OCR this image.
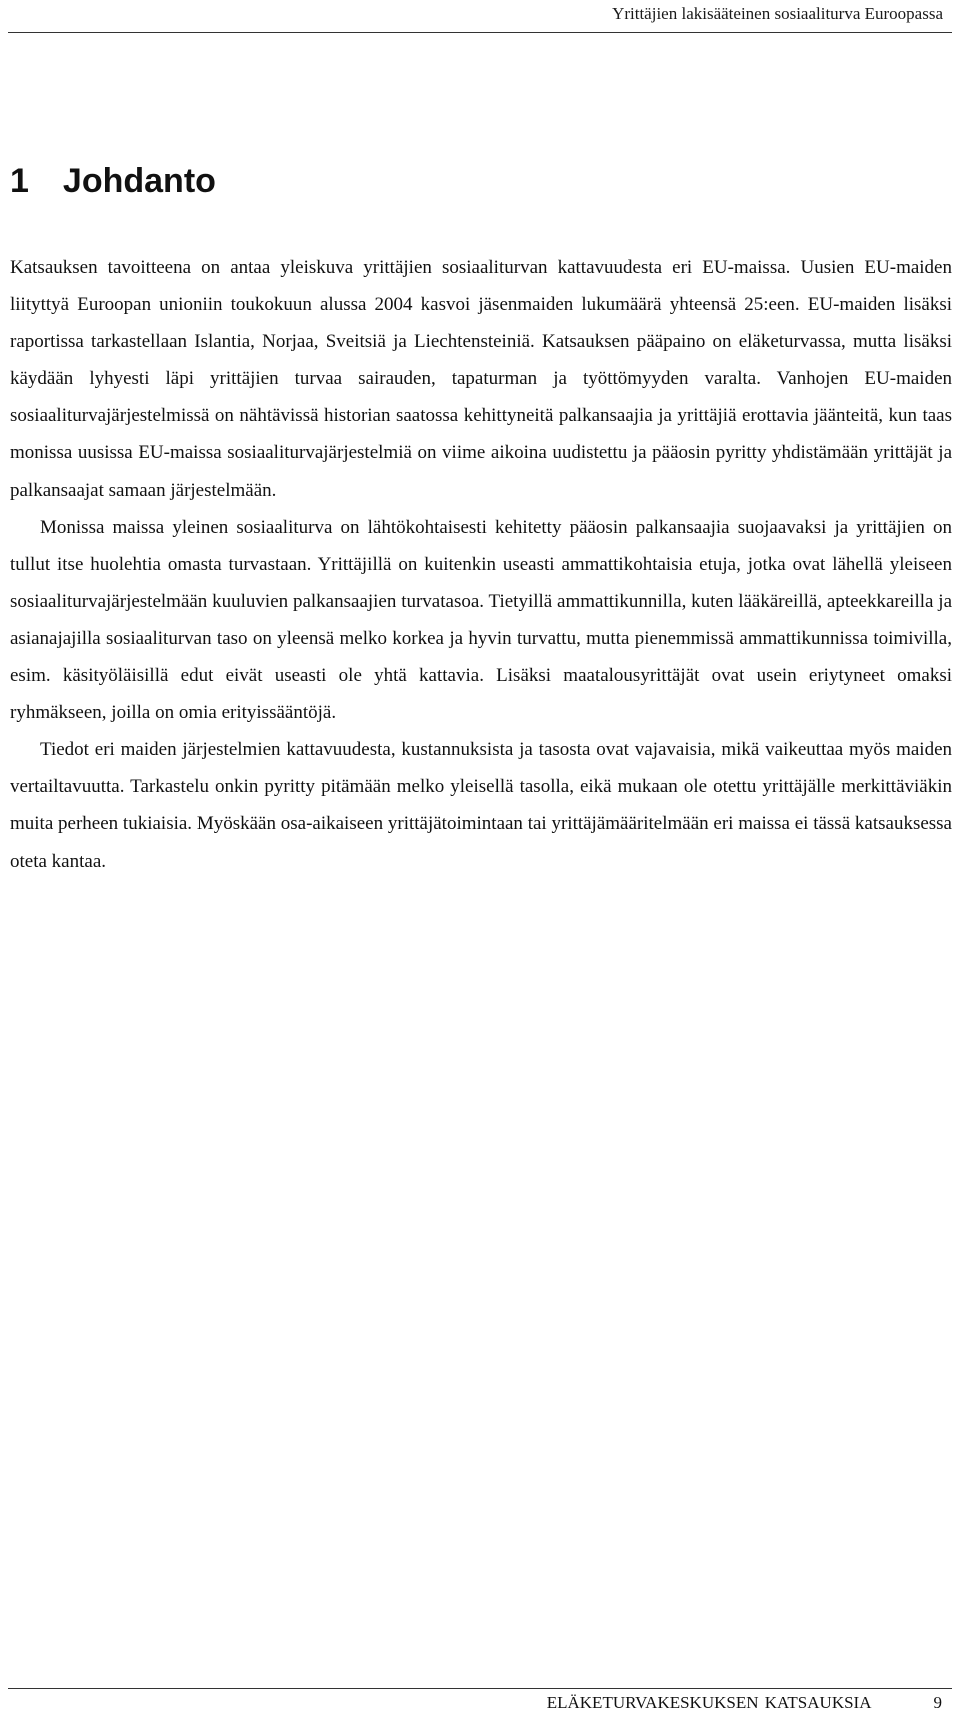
Yrittäjien lakisääteinen sosiaaliturva Euroopassa
1 Johdanto

Katsauksen tavoitteena on antaa yleiskuva yrittäjien sosiaaliturvan kattavuudesta eri EU-maissa. Uusien EU-maiden liityttyä Euroopan unioniin toukokuun alussa 2004 kasvoi jäsenmaiden lukumäärä yhteensä 25:een. EU-maiden lisäksi raportissa tarkastellaan Islantia, Norjaa, Sveitsiä ja Liechtensteiniä. Katsauksen pääpaino on eläketurvassa, mutta lisäksi käydään lyhyesti läpi yrittäjien turvaa sairauden, tapaturman ja työttömyyden varalta. Vanhojen EU-maiden sosiaaliturvajärjestelmissä on nähtävissä historian saatossa kehittyneitä palkansaajia ja yrittäjiä erottavia jäänteitä, kun taas monissa uusissa EU-maissa sosiaaliturvajärjestelmiä on viime aikoina uudistettu ja pääosin pyritty yhdistämään yrittäjät ja palkansaajat samaan järjestelmään.

Monissa maissa yleinen sosiaaliturva on lähtökohtaisesti kehitetty pääosin palkansaajia suojaavaksi ja yrittäjien on tullut itse huolehtia omasta turvastaan. Yrittäjillä on kuitenkin useasti ammattikohtaisia etuja, jotka ovat lähellä yleiseen sosiaaliturvajärjestelmään kuuluvien palkansaajien turvatasoa. Tietyillä ammattikunnilla, kuten lääkäreillä, apteekkareilla ja asianajajilla sosiaaliturvan taso on yleensä melko korkea ja hyvin turvattu, mutta pienemmissä ammattikunnissa toimivilla, esim. käsityöläisillä edut eivät useasti ole yhtä kattavia. Lisäksi maatalousyrittäjät ovat usein eriytyneet omaksi ryhmäkseen, joilla on omia erityissääntöjä.

Tiedot eri maiden järjestelmien kattavuudesta, kustannuksista ja tasosta ovat vajavaisia, mikä vaikeuttaa myös maiden vertailtavuutta. Tarkastelu onkin pyritty pitämään melko yleisellä tasolla, eikä mukaan ole otettu yrittäjälle merkittäviäkin muita perheen tukiaisia. Myöskään osa-aikaiseen yrittäjätoimintaan tai yrittäjämääritelmään eri maissa ei tässä katsauksessa oteta kantaa.

ELÄKETURVAKESKUKSEN KATSAUKSIA	9
